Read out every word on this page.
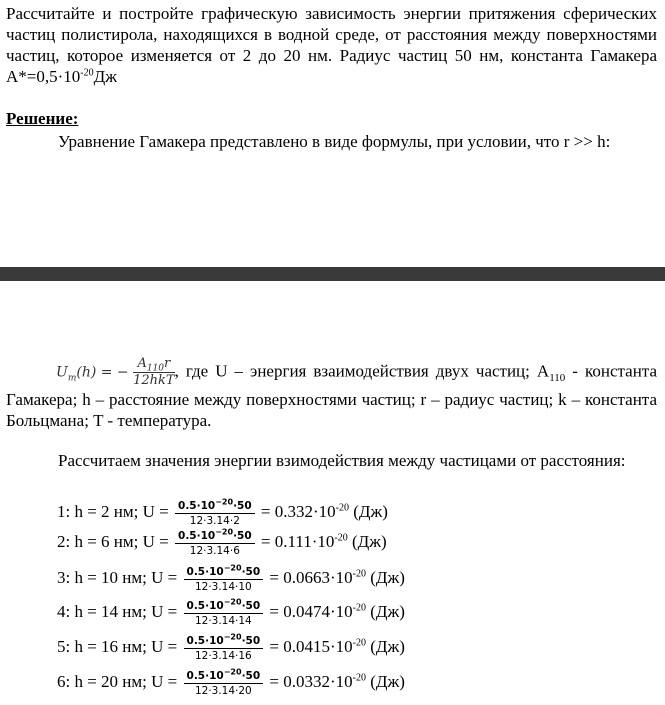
Рассчитайте и постройте графическую зависимость энергии притяжения сферических частиц полистирола, находящихся в водной среде, от расстояния между поверхностями частиц, которое изменяется от 2 до 20 нм. Радиус частиц 50 нм, константа Гамакера $А*=0,5\cdot 10^{-20}Дж$
Решение:
Уравнение Гамакера представлено в виде формулы, при условии, что r >> h:
$U_m(h)$ = − $\frac{A_{110}r}{\text{12hkT}}$ , где U – энергия взаимодействия двух частиц; $А_{110}$ - константа Гамакера; h – расстояние между поверхностями частиц; r – радиус частиц; k – константа Больцмана; T - температура.
Рассчитаем значения энергии взимодействия между частицами от расстояния:
1: h = 2 нм; $U = \frac{0.5\cdot 10^{-20}\cdot 50}{12\cdot 3.14\cdot 2} = 0.332\cdot 10^{-20}$ (Дж)
2: h = 6 нм; $U = \frac{0.5\cdot 10^{-20}\cdot 50}{12\cdot 3.14\cdot 6} = 0.111\cdot 10^{-20}$ (Дж)
3: h = 10 нм; $U = \frac{0.5\cdot 10^{-20}\cdot 50}{12\cdot 3.14\cdot 10} = 0.0663\cdot 10^{-20}$ (Дж)
4: h = 14 нм; $U = \frac{0.5\cdot 10^{-20}\cdot 50}{12\cdot 3.14\cdot 14} = 0.0474\cdot 10^{-20}$ (Дж)
5: h = 16 нм; $U = \frac{0.5\cdot 10^{-20}\cdot 50}{12\cdot 3.14\cdot 16} = 0.0415\cdot 10^{-20}$ (Дж)
6: h = 20 нм; $U = \frac{0.5\cdot 10^{-20}\cdot 50}{12\cdot 3.14\cdot 20} = 0.0332\cdot 10^{-20}$ (Дж)
